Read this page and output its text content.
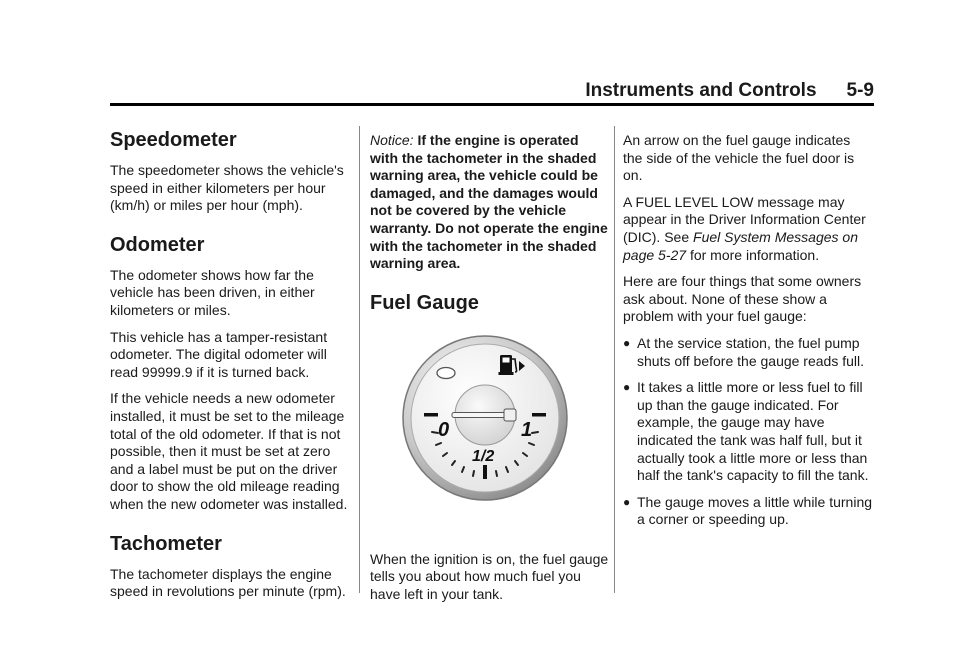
Instruments and Controls 5-9
Speedometer

The speedometer shows the vehicle's speed in either kilometers per hour (km/h) or miles per hour (mph).

Odometer

The odometer shows how far the vehicle has been driven, in either kilometers or miles.

This vehicle has a tamper-resistant odometer. The digital odometer will read 99999.9 if it is turned back.

If the vehicle needs a new odometer installed, it must be set to the mileage total of the old odometer. If that is not possible, then it must be set at zero and a label must be put on the driver door to show the old mileage reading when the new odometer was installed.

Tachometer

The tachometer displays the engine speed in revolutions per minute (rpm).

Notice: If the engine is operated with the tachometer in the shaded warning area, the vehicle could be damaged, and the damages would not be covered by the vehicle warranty. Do not operate the engine with the tachometer in the shaded warning area.

Fuel Gauge
0	1
1/2

When the ignition is on, the fuel gauge tells you about how much fuel you have left in your tank.

An arrow on the fuel gauge indicates the side of the vehicle the fuel door is on.

A FUEL LEVEL LOW message may appear in the Driver Information Center (DIC). See Fuel System Messages on page 5-27 for more information.

Here are four things that some owners ask about. None of these show a problem with your fuel gauge:

● At the service station, the fuel pump shuts off before the gauge reads full.
● It takes a little more or less fuel to fill up than the gauge indicated. For example, the gauge may have indicated the tank was half full, but it actually took a little more or less than half the tank's capacity to fill the tank.
● The gauge moves a little while turning a corner or speeding up.
